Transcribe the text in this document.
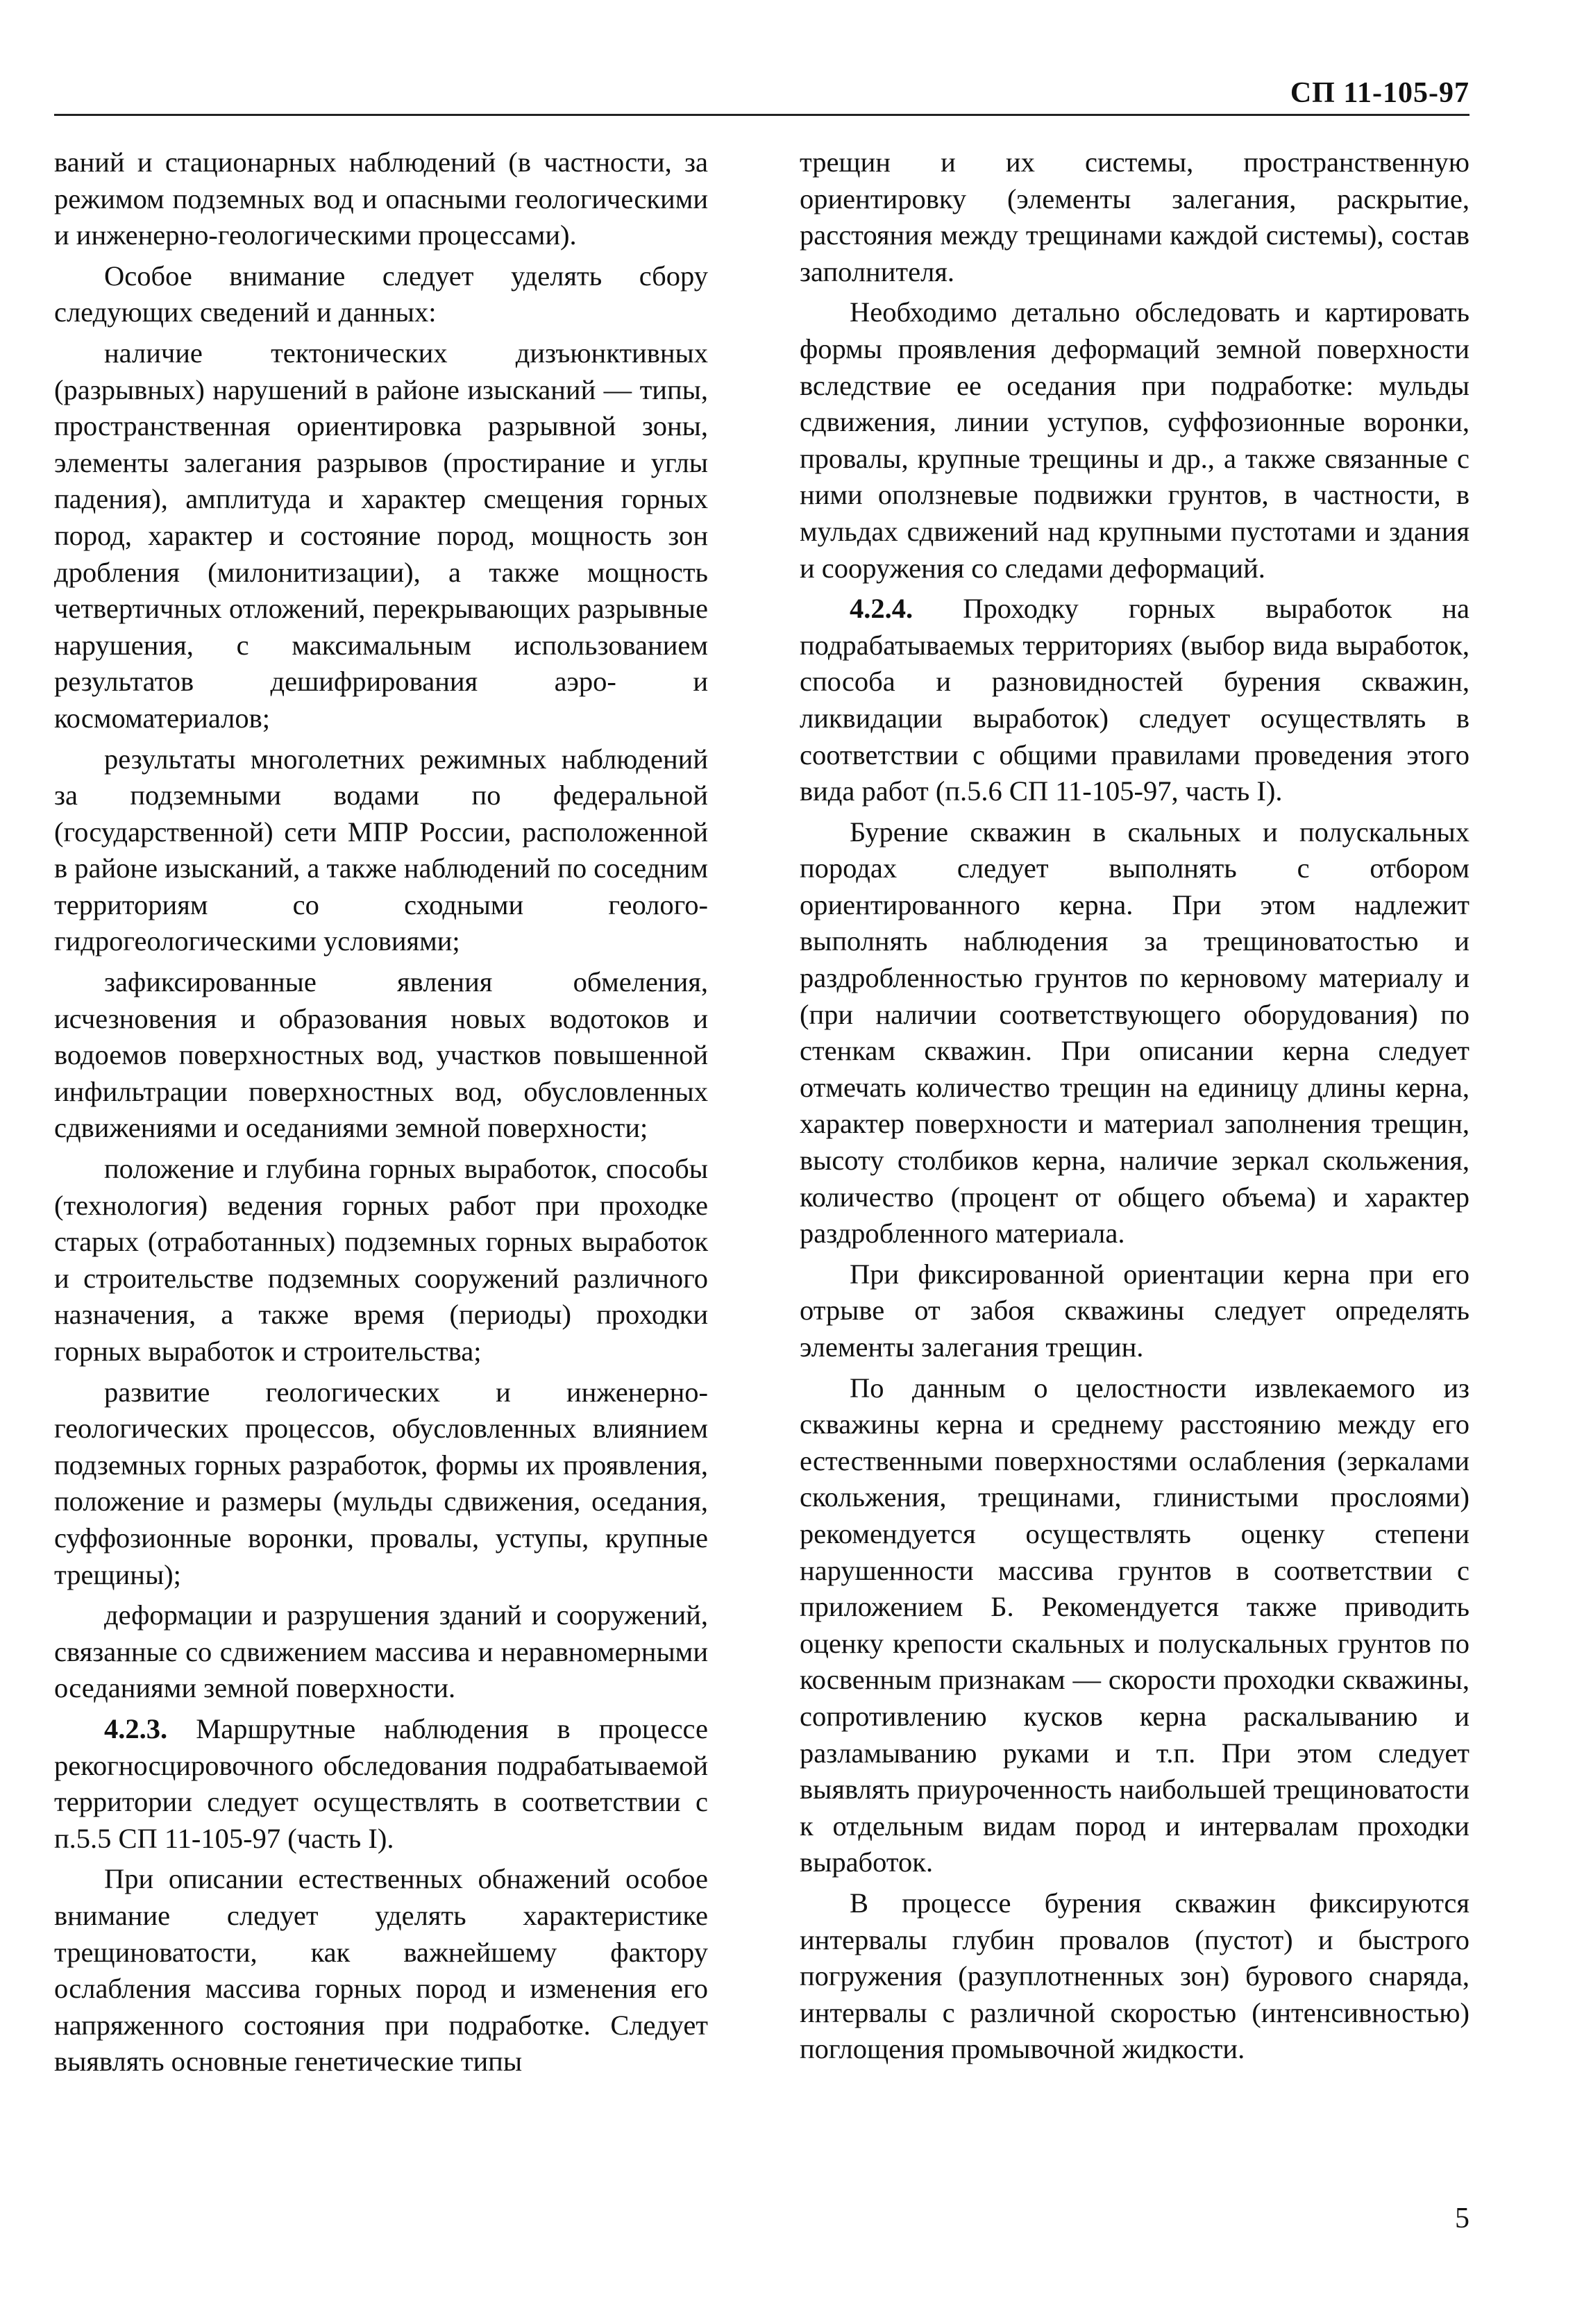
СП 11-105-97

ваний и стационарных наблюдений (в частности, за режимом подземных вод и опасными геологическими и инженерно-геологическими процессами).

Особое внимание следует уделять сбору следующих сведений и данных:

наличие тектонических дизъюнктивных (разрывных) нарушений в районе изысканий — типы, пространственная ориентировка разрывной зоны, элементы залегания разрывов (простирание и углы падения), амплитуда и характер смещения горных пород, характер и состояние пород, мощность зон дробления (милонитизации), а также мощность четвертичных отложений, перекрывающих разрывные нарушения, с максимальным использованием результатов дешифрирования аэро- и космоматериалов;

результаты многолетних режимных наблюдений за подземными водами по федеральной (государственной) сети МПР России, расположенной в районе изысканий, а также наблюдений по соседним территориям со сходными геолого-гидрогеологическими условиями;

зафиксированные явления обмеления, исчезновения и образования новых водотоков и водоемов поверхностных вод, участков повышенной инфильтрации поверхностных вод, обусловленных сдвижениями и оседаниями земной поверхности;

положение и глубина горных выработок, способы (технология) ведения горных работ при проходке старых (отработанных) подземных горных выработок и строительстве подземных сооружений различного назначения, а также время (периоды) проходки горных выработок и строительства;

развитие геологических и инженерно-геологических процессов, обусловленных влиянием подземных горных разработок, формы их проявления, положение и размеры (мульды сдвижения, оседания, суффозионные воронки, провалы, уступы, крупные трещины);

деформации и разрушения зданий и сооружений, связанные со сдвижением массива и неравномерными оседаниями земной поверхности.

4.2.3. Маршрутные наблюдения в процессе рекогносцировочного обследования подрабатываемой территории следует осуществлять в соответствии с п.5.5 СП 11-105-97 (часть I).

При описании естественных обнажений особое внимание следует уделять характеристике трещиноватости, как важнейшему фактору ослабления массива горных пород и изменения его напряженного состояния при подработке. Следует выявлять основные генетические типы

трещин и их системы, пространственную ориентировку (элементы залегания, раскрытие, расстояния между трещинами каждой системы), состав заполнителя.

Необходимо детально обследовать и картировать формы проявления деформаций земной поверхности вследствие ее оседания при подработке: мульды сдвижения, линии уступов, суффозионные воронки, провалы, крупные трещины и др., а также связанные с ними оползневые подвижки грунтов, в частности, в мульдах сдвижений над крупными пустотами и здания и сооружения со следами деформаций.

4.2.4. Проходку горных выработок на подрабатываемых территориях (выбор вида выработок, способа и разновидностей бурения скважин, ликвидации выработок) следует осуществлять в соответствии с общими правилами проведения этого вида работ (п.5.6 СП 11-105-97, часть I).

Бурение скважин в скальных и полускальных породах следует выполнять с отбором ориентированного керна. При этом надлежит выполнять наблюдения за трещиноватостью и раздробленностью грунтов по керновому материалу и (при наличии соответствующего оборудования) по стенкам скважин. При описании керна следует отмечать количество трещин на единицу длины керна, характер поверхности и материал заполнения трещин, высоту столбиков керна, наличие зеркал скольжения, количество (процент от общего объема) и характер раздробленного материала.

При фиксированной ориентации керна при его отрыве от забоя скважины следует определять элементы залегания трещин.

По данным о целостности извлекаемого из скважины керна и среднему расстоянию между его естественными поверхностями ослабления (зеркалами скольжения, трещинами, глинистыми прослоями) рекомендуется осуществлять оценку степени нарушенности массива грунтов в соответствии с приложением Б. Рекомендуется также приводить оценку крепости скальных и полускальных грунтов по косвенным признакам — скорости проходки скважины, сопротивлению кусков керна раскалыванию и разламыванию руками и т.п. При этом следует выявлять приуроченность наибольшей трещиноватости к отдельным видам пород и интервалам проходки выработок.

В процессе бурения скважин фиксируются интервалы глубин провалов (пустот) и быстрого погружения (разуплотненных зон) бурового снаряда, интервалы с различной скоростью (интенсивностью) поглощения промывочной жидкости.

5
